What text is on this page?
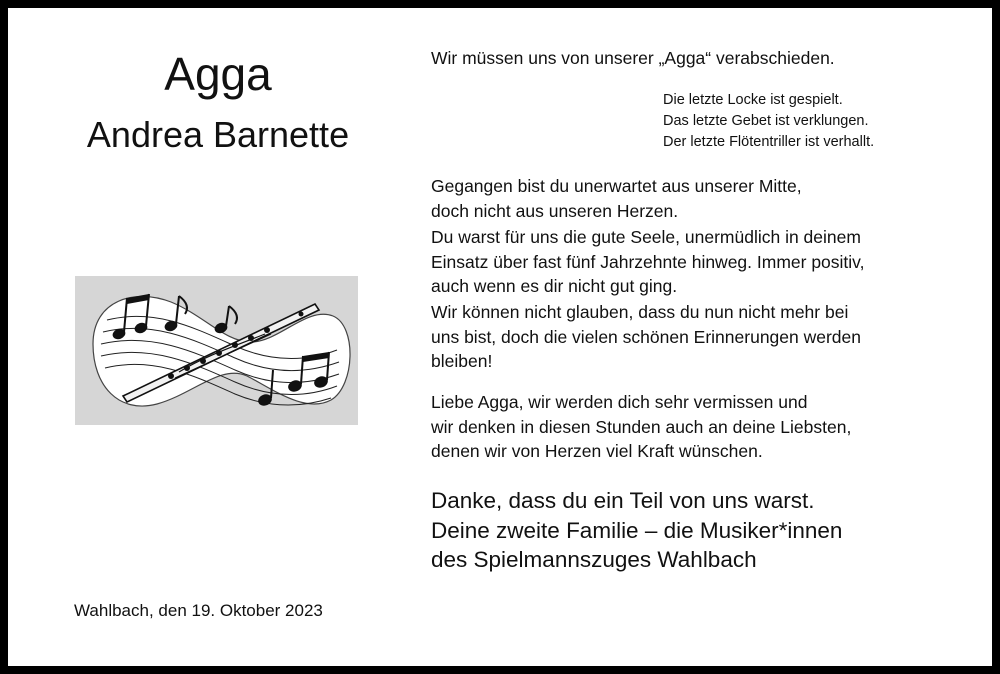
Agga
Andrea Barnette
Wahlbach, den 19. Oktober 2023
Wir müssen uns von unserer „Agga“ verabschieden.
Die letzte Locke ist gespielt.
Das letzte Gebet ist verklungen.
Der letzte Flötentriller ist verhallt.
Gegangen bist du unerwartet aus unserer Mitte,
doch nicht aus unseren Herzen.
Du warst für uns die gute Seele, unermüdlich in deinem
Einsatz über fast fünf Jahrzehnte hinweg. Immer positiv,
auch wenn es dir nicht gut ging.
Wir können nicht glauben, dass du nun nicht mehr bei
uns bist, doch die vielen schönen Erinnerungen werden
bleiben!
Liebe Agga, wir werden dich sehr vermissen und
wir denken in diesen Stunden auch an deine Liebsten,
denen wir von Herzen viel Kraft wünschen.
Danke, dass du ein Teil von uns warst.
Deine zweite Familie – die Musiker*innen
des Spielmannszuges Wahlbach
